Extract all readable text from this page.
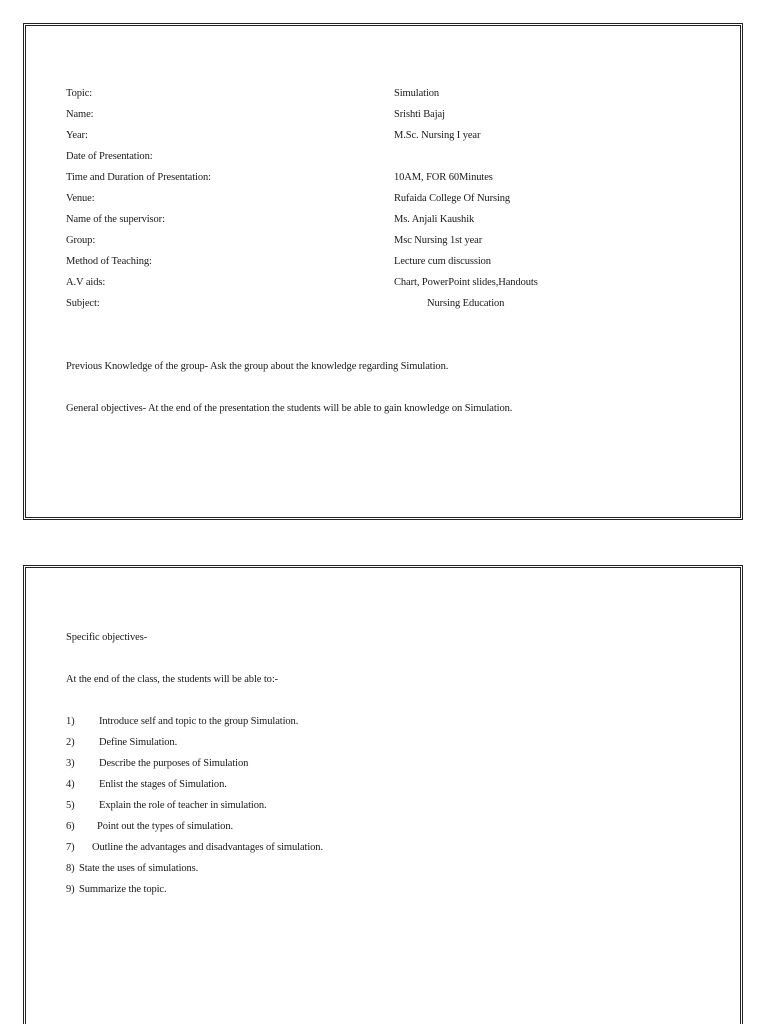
Topic:	Simulation
Name:	Srishti Bajaj
Year:	M.Sc. Nursing I year
Date of Presentation:
Time and Duration of Presentation:	10AM, FOR 60Minutes
Venue:	Rufaida College Of Nursing
Name of the supervisor:	Ms. Anjali Kaushik
Group:	Msc Nursing 1st year
Method of Teaching:	Lecture cum discussion
A.V aids:	Chart, PowerPoint slides,Handouts
Subject:	Nursing Education
Previous Knowledge of the group- Ask the group about the knowledge regarding Simulation.
General objectives- At the end of the presentation the students will be able to gain knowledge on Simulation.
Specific objectives-
At the end of the class, the students will be able to:-
1) Introduce self and topic to the group Simulation.
2) Define Simulation.
3) Describe the purposes of Simulation
4) Enlist the stages of Simulation.
5) Explain the role of teacher in simulation.
6) Point out the types of simulation.
7) Outline the advantages and disadvantages of simulation.
8) State the uses of simulations.
9) Summarize the topic.
